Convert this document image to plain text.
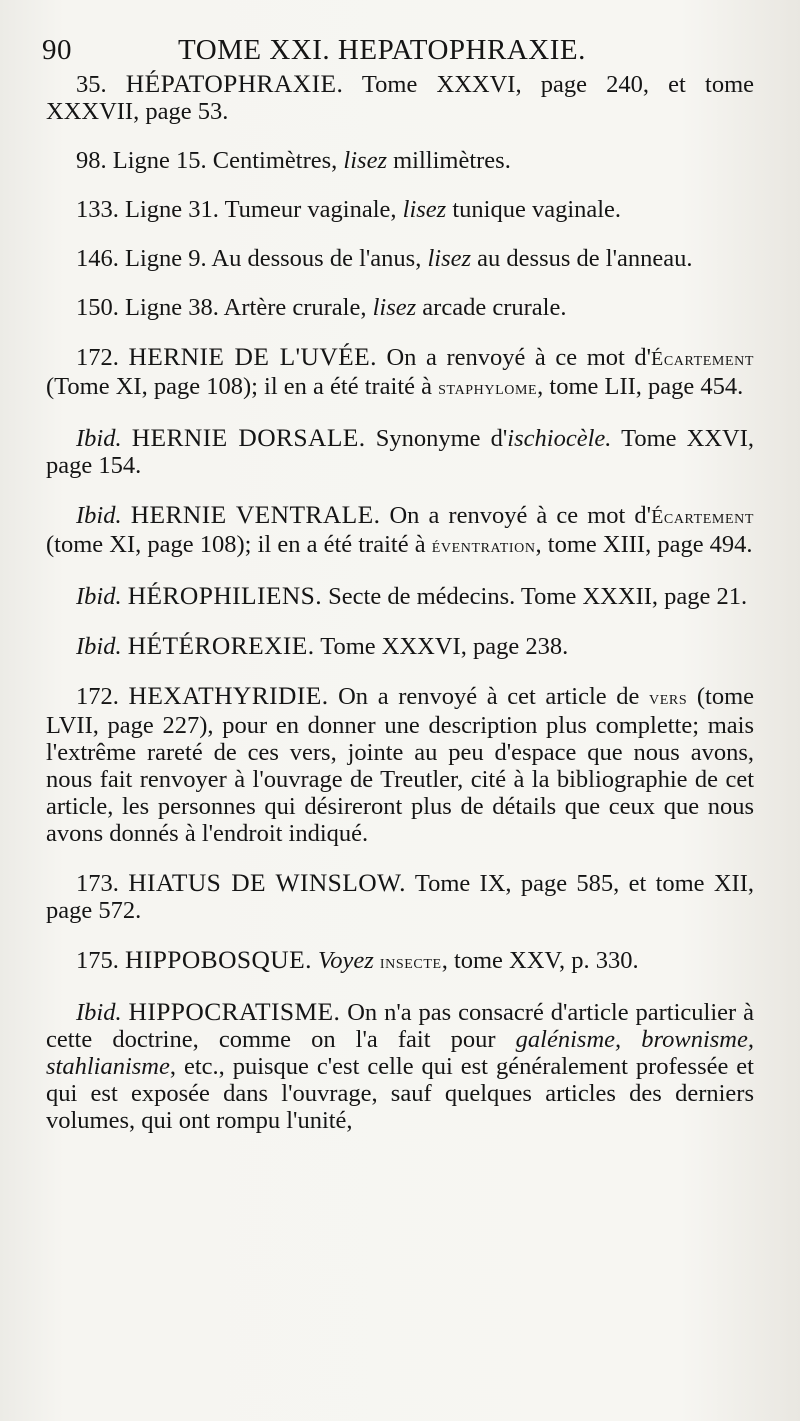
90	TOME XXI. HEPATOPHRAXIE.

35. HÉPATOPHRAXIE. Tome XXXVI, page 240, et tome XXXVII, page 53.

98. Ligne 15. Centimètres, lisez millimètres.

133. Ligne 31. Tumeur vaginale, lisez tunique vaginale.

146. Ligne 9. Au dessous de l'anus, lisez au dessus de l'anneau.

150. Ligne 38. Artère crurale, lisez arcade crurale.

172. HERNIE DE L'UVÉE. On a renvoyé à ce mot d'Écartement (Tome XI, page 108); il en a été traité à staphylome, tome LII, page 454.

Ibid. HERNIE DORSALE. Synonyme d'ischiocèle. Tome XXVI, page 154.

Ibid. HERNIE VENTRALE. On a renvoyé à ce mot d'Écartement (tome XI, page 108); il en a été traité à éventration, tome XIII, page 494.

Ibid. HÉROPHILIENS. Secte de médecins. Tome XXXII, page 21.

Ibid. HÉTÉROREXIE. Tome XXXVI, page 238.

172. HEXATHYRIDIE. On a renvoyé à cet article de vers (tome LVII, page 227), pour en donner une description plus complette; mais l'extrême rareté de ces vers, jointe au peu d'espace que nous avons, nous fait renvoyer à l'ouvrage de Treutler, cité à la bibliographie de cet article, les personnes qui désireront plus de détails que ceux que nous avons donnés à l'endroit indiqué.

173. HIATUS DE WINSLOW. Tome IX, page 585, et tome XII, page 572.

175. HIPPOBOSQUE. Voyez insecte, tome XXV, p. 330.

Ibid. HIPPOCRATISME. On n'a pas consacré d'article particulier à cette doctrine, comme on l'a fait pour galénisme, brownisme, stahlianisme, etc., puisque c'est celle qui est généralement professée et qui est exposée dans l'ouvrage, sauf quelques articles des derniers volumes, qui ont rompu l'unité,
